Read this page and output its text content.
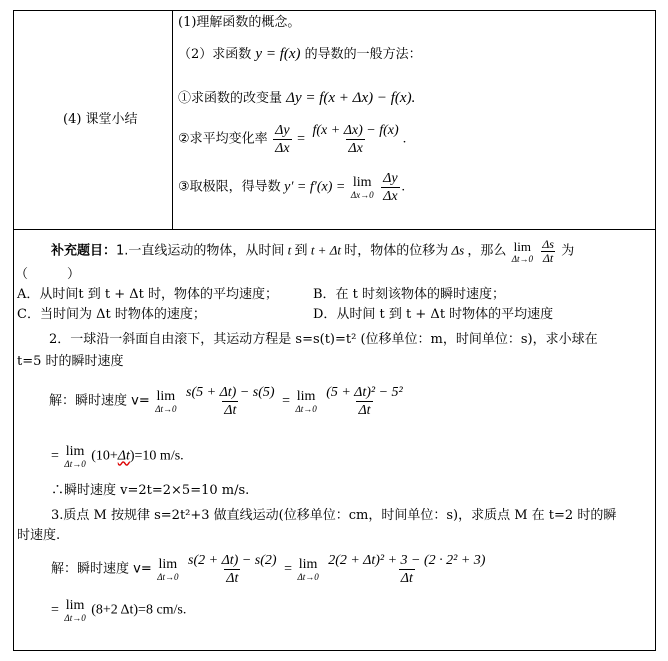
(4) 课堂小结
(1)理解函数的概念。
（2）求函数 y = f(x) 的导数的一般方法：
①求函数的改变量 Δy = f(x + Δx) − f(x).
②求平均变化率 $\frac{\Delta y}{\Delta x} = \frac{f(x + \Delta x) - f(x)}{\Delta x}$ .
③取极限，得导数 y′ = f′(x) = lim
Δx→0
$\frac{\Delta y}{\Delta x}$ .
补充题目：1.一直线运动的物体，从时间 t 到 t + Δt 时，物体的位移为 Δs ，那么 lim
Δt→0
$\frac{\Delta s}{\Delta t}$ 为
（　　　）
A．从时间t 到 t + Δt 时，物体的平均速度；	B．在 t 时刻该物体的瞬时速度；
C．当时间为 Δt 时物体的速度；	D．从时间 t 到 t + Δt 时物体的平均速度
2．一球沿一斜面自由滚下，其运动方程是 s=s(t)=t² (位移单位：m，时间单位：s)，求小球在
t=5 时的瞬时速度
解：瞬时速度 v= lim
Δt→0
$\frac{s(5 + \Delta t) - s(5)}{\Delta t} = \lim$
Δt→0
$\frac{\text{(5 + Δt)² − 5²}}{\Delta t}$
= lim
Δt→0
(10+Δt)=10 m/s.
∴瞬时速度 v=2t=2×5=10 m/s.
3.质点 M 按规律 s=2t²+3 做直线运动(位移单位：cm，时间单位：s)，求质点 M 在 t=2 时的瞬
时速度.
解：瞬时速度 v= lim
Δt→0
$\frac{s(2 + \Delta t) - s(2)}{\Delta t} = \lim$
Δt→0
$\frac{\text{2(2 + Δt)² + 3 − (2 · 2² + 3)}}{\Delta t}$
= lim
Δt→0
(8+2 Δt)=8 cm/s.
